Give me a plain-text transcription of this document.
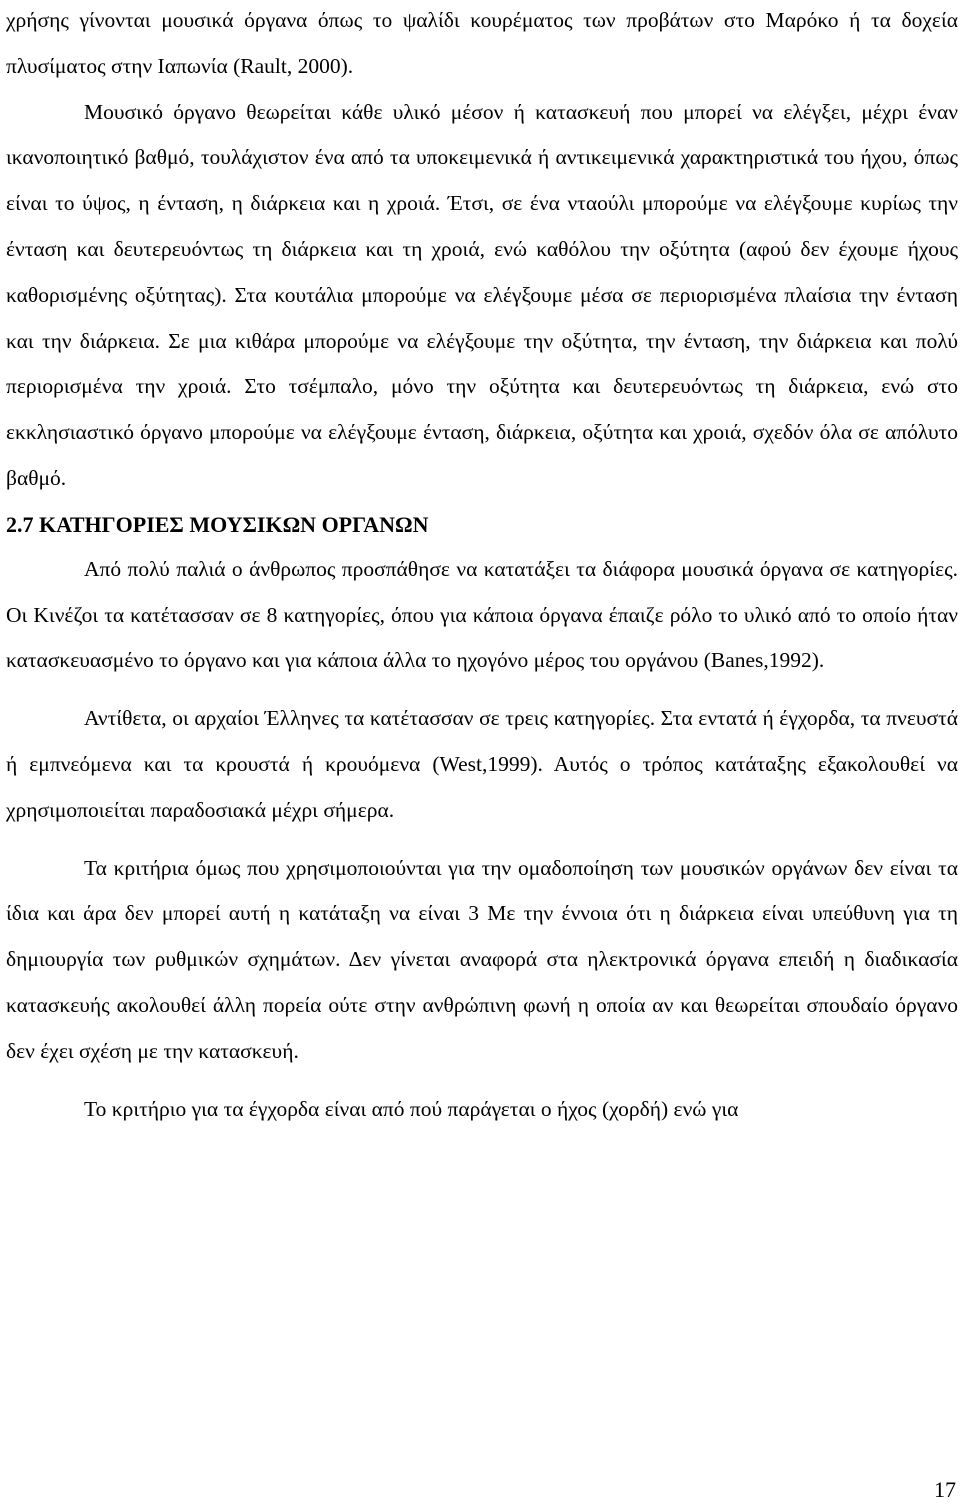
χρήσης γίνονται μουσικά όργανα όπως το ψαλίδι κουρέματος των προβάτων στο Μαρόκο ή τα δοχεία πλυσίματος στην Ιαπωνία (Rault, 2000).

Μουσικό όργανο θεωρείται κάθε υλικό μέσον ή κατασκευή που μπορεί να ελέγξει, μέχρι έναν ικανοποιητικό βαθμό, τουλάχιστον ένα από τα υποκειμενικά ή αντικειμενικά χαρακτηριστικά του ήχου, όπως είναι το ύψος, η ένταση, η διάρκεια και η χροιά. Έτσι, σε ένα νταούλι μπορούμε να ελέγξουμε κυρίως την ένταση και δευτερευόντως τη διάρκεια και τη χροιά, ενώ καθόλου την οξύτητα (αφού δεν έχουμε ήχους καθορισμένης οξύτητας). Στα κουτάλια μπορούμε να ελέγξουμε μέσα σε περιορισμένα πλαίσια την ένταση και την διάρκεια. Σε μια κιθάρα μπορούμε να ελέγξουμε την οξύτητα, την ένταση, την διάρκεια και πολύ περιορισμένα την χροιά. Στο τσέμπαλο, μόνο την οξύτητα και δευτερευόντως τη διάρκεια, ενώ στο εκκλησιαστικό όργανο μπορούμε να ελέγξουμε ένταση, διάρκεια, οξύτητα και χροιά, σχεδόν όλα σε απόλυτο βαθμό.

2.7 ΚΑΤΗΓΟΡΙΕΣ ΜΟΥΣΙΚΩΝ ΟΡΓΑΝΩΝ

Από πολύ παλιά ο άνθρωπος προσπάθησε να κατατάξει τα διάφορα μουσικά όργανα σε κατηγορίες. Οι Κινέζοι τα κατέτασσαν σε 8 κατηγορίες, όπου για κάποια όργανα έπαιζε ρόλο το υλικό από το οποίο ήταν κατασκευασμένο το όργανο και για κάποια άλλα το ηχογόνο μέρος του οργάνου (Banes,1992).

Αντίθετα, οι αρχαίοι Έλληνες τα κατέτασσαν σε τρεις κατηγορίες. Στα εντατά ή έγχορδα, τα πνευστά ή εμπνεόμενα και τα κρουστά ή κρουόμενα (West,1999). Αυτός ο τρόπος κατάταξης εξακολουθεί να χρησιμοποιείται παραδοσιακά μέχρι σήμερα.

Τα κριτήρια όμως που χρησιμοποιούνται για την ομαδοποίηση των μουσικών οργάνων δεν είναι τα ίδια και άρα δεν μπορεί αυτή η κατάταξη να είναι 3 Με την έννοια ότι η διάρκεια είναι υπεύθυνη για τη δημιουργία των ρυθμικών σχημάτων. Δεν γίνεται αναφορά στα ηλεκτρονικά όργανα επειδή η διαδικασία κατασκευής ακολουθεί άλλη πορεία ούτε στην ανθρώπινη φωνή η οποία αν και θεωρείται σπουδαίο όργανο δεν έχει σχέση με την κατασκευή.

Το κριτήριο για τα έγχορδα είναι από πού παράγεται ο ήχος (χορδή) ενώ για

17
